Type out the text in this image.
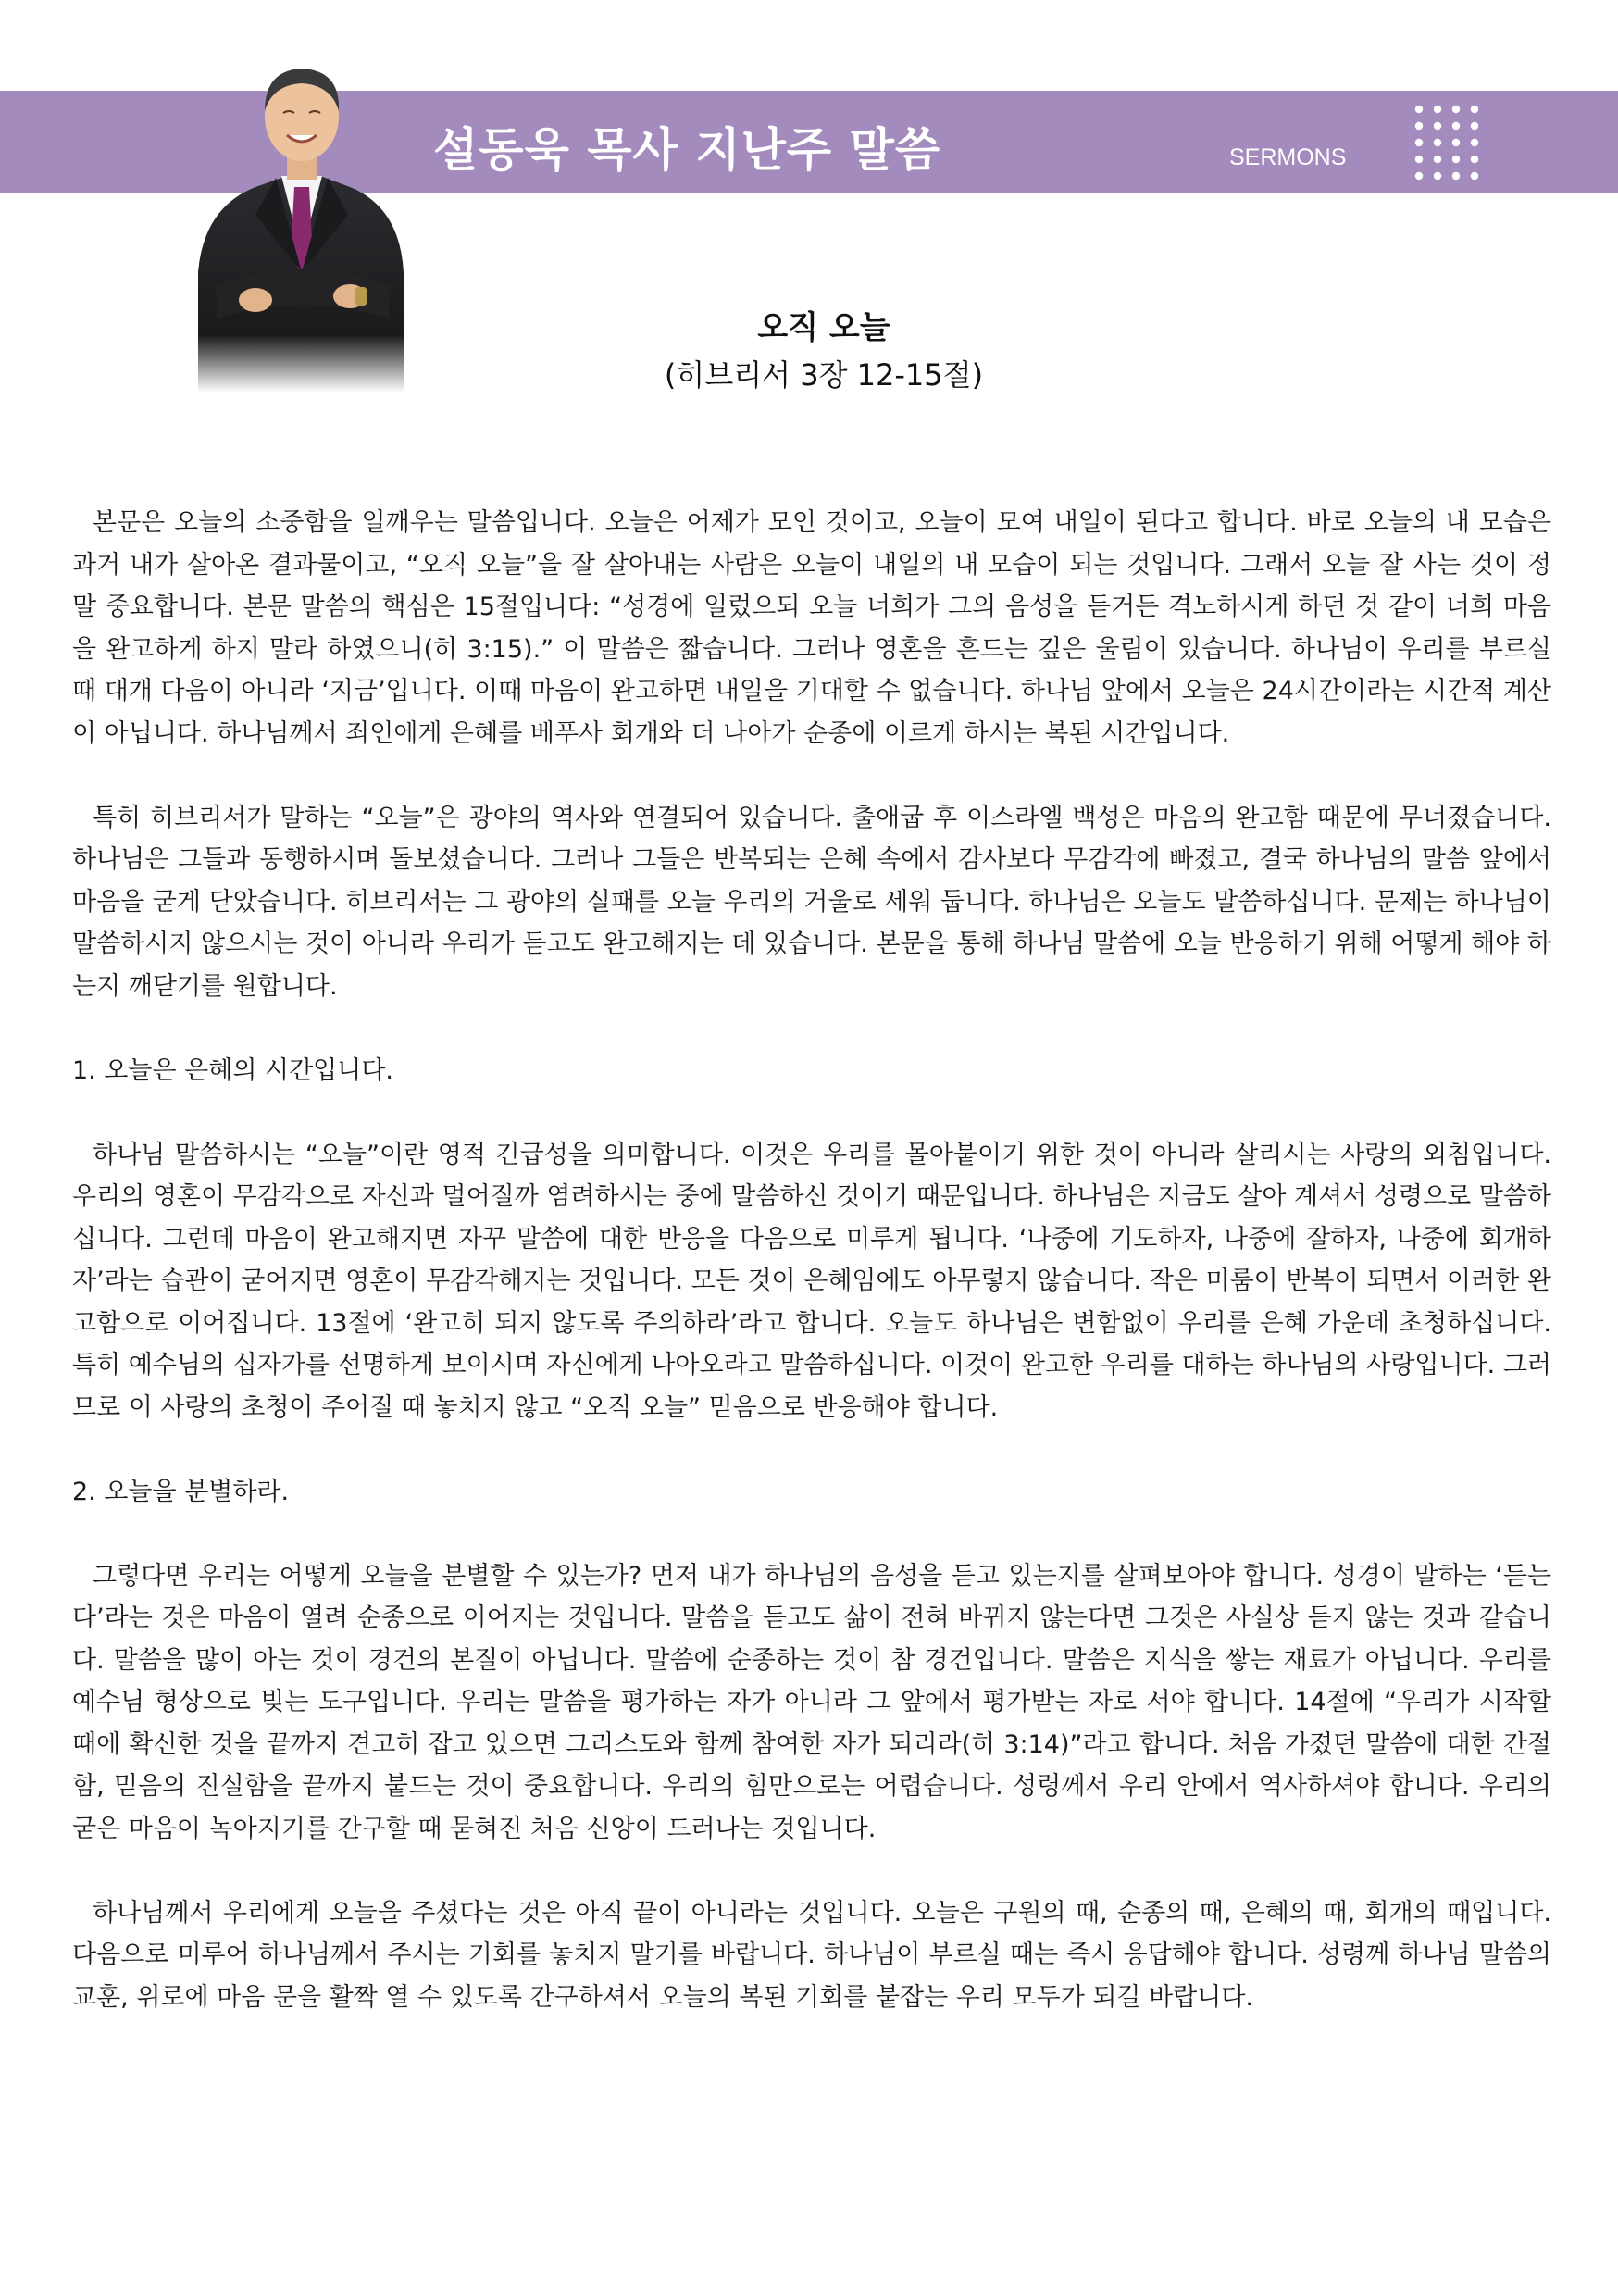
설동욱 목사 지난주 말씀	SERMONS
오직 오늘
(히브리서 3장 12-15절)

본문은 오늘의 소중함을 일깨우는 말씀입니다. 오늘은 어제가 모인 것이고, 오늘이 모여 내일이 된다고 합니다. 바로 오늘의 내 모습은 과거 내가 살아온 결과물이고, “오직 오늘”을 잘 살아내는 사람은 오늘이 내일의 내 모습이 되는 것입니다. 그래서 오늘 잘 사는 것이 정말 중요합니다. 본문 말씀의 핵심은 15절입니다: “성경에 일렀으되 오늘 너희가 그의 음성을 듣거든 격노하시게 하던 것 같이 너희 마음을 완고하게 하지 말라 하였으니(히 3:15).” 이 말씀은 짧습니다. 그러나 영혼을 흔드는 깊은 울림이 있습니다. 하나님이 우리를 부르실 때 대개 다음이 아니라 ‘지금’입니다. 이때 마음이 완고하면 내일을 기대할 수 없습니다. 하나님 앞에서 오늘은 24시간이라는 시간적 계산이 아닙니다. 하나님께서 죄인에게 은혜를 베푸사 회개와 더 나아가 순종에 이르게 하시는 복된 시간입니다.

특히 히브리서가 말하는 “오늘”은 광야의 역사와 연결되어 있습니다. 출애굽 후 이스라엘 백성은 마음의 완고함 때문에 무너졌습니다. 하나님은 그들과 동행하시며 돌보셨습니다. 그러나 그들은 반복되는 은혜 속에서 감사보다 무감각에 빠졌고, 결국 하나님의 말씀 앞에서 마음을 굳게 닫았습니다. 히브리서는 그 광야의 실패를 오늘 우리의 거울로 세워 둡니다. 하나님은 오늘도 말씀하십니다. 문제는 하나님이 말씀하시지 않으시는 것이 아니라 우리가 듣고도 완고해지는 데 있습니다. 본문을 통해 하나님 말씀에 오늘 반응하기 위해 어떻게 해야 하는지 깨닫기를 원합니다.

1. 오늘은 은혜의 시간입니다.

하나님 말씀하시는 “오늘”이란 영적 긴급성을 의미합니다. 이것은 우리를 몰아붙이기 위한 것이 아니라 살리시는 사랑의 외침입니다. 우리의 영혼이 무감각으로 자신과 멀어질까 염려하시는 중에 말씀하신 것이기 때문입니다. 하나님은 지금도 살아 계셔서 성령으로 말씀하십니다. 그런데 마음이 완고해지면 자꾸 말씀에 대한 반응을 다음으로 미루게 됩니다. ‘나중에 기도하자, 나중에 잘하자, 나중에 회개하자’라는 습관이 굳어지면 영혼이 무감각해지는 것입니다. 모든 것이 은혜임에도 아무렇지 않습니다. 작은 미룸이 반복이 되면서 이러한 완고함으로 이어집니다. 13절에 ‘완고히 되지 않도록 주의하라’라고 합니다. 오늘도 하나님은 변함없이 우리를 은혜 가운데 초청하십니다. 특히 예수님의 십자가를 선명하게 보이시며 자신에게 나아오라고 말씀하십니다. 이것이 완고한 우리를 대하는 하나님의 사랑입니다. 그러므로 이 사랑의 초청이 주어질 때 놓치지 않고 “오직 오늘” 믿음으로 반응해야 합니다.

2. 오늘을 분별하라.

그렇다면 우리는 어떻게 오늘을 분별할 수 있는가? 먼저 내가 하나님의 음성을 듣고 있는지를 살펴보아야 합니다. 성경이 말하는 ‘듣는다’라는 것은 마음이 열려 순종으로 이어지는 것입니다. 말씀을 듣고도 삶이 전혀 바뀌지 않는다면 그것은 사실상 듣지 않는 것과 같습니다. 말씀을 많이 아는 것이 경건의 본질이 아닙니다. 말씀에 순종하는 것이 참 경건입니다. 말씀은 지식을 쌓는 재료가 아닙니다. 우리를 예수님 형상으로 빚는 도구입니다. 우리는 말씀을 평가하는 자가 아니라 그 앞에서 평가받는 자로 서야 합니다. 14절에 “우리가 시작할 때에 확신한 것을 끝까지 견고히 잡고 있으면 그리스도와 함께 참여한 자가 되리라(히 3:14)”라고 합니다. 처음 가졌던 말씀에 대한 간절함, 믿음의 진실함을 끝까지 붙드는 것이 중요합니다. 우리의 힘만으로는 어렵습니다. 성령께서 우리 안에서 역사하셔야 합니다. 우리의 굳은 마음이 녹아지기를 간구할 때 묻혀진 처음 신앙이 드러나는 것입니다.

하나님께서 우리에게 오늘을 주셨다는 것은 아직 끝이 아니라는 것입니다. 오늘은 구원의 때, 순종의 때, 은혜의 때, 회개의 때입니다. 다음으로 미루어 하나님께서 주시는 기회를 놓치지 말기를 바랍니다. 하나님이 부르실 때는 즉시 응답해야 합니다. 성령께 하나님 말씀의 교훈, 위로에 마음 문을 활짝 열 수 있도록 간구하셔서 오늘의 복된 기회를 붙잡는 우리 모두가 되길 바랍니다.
